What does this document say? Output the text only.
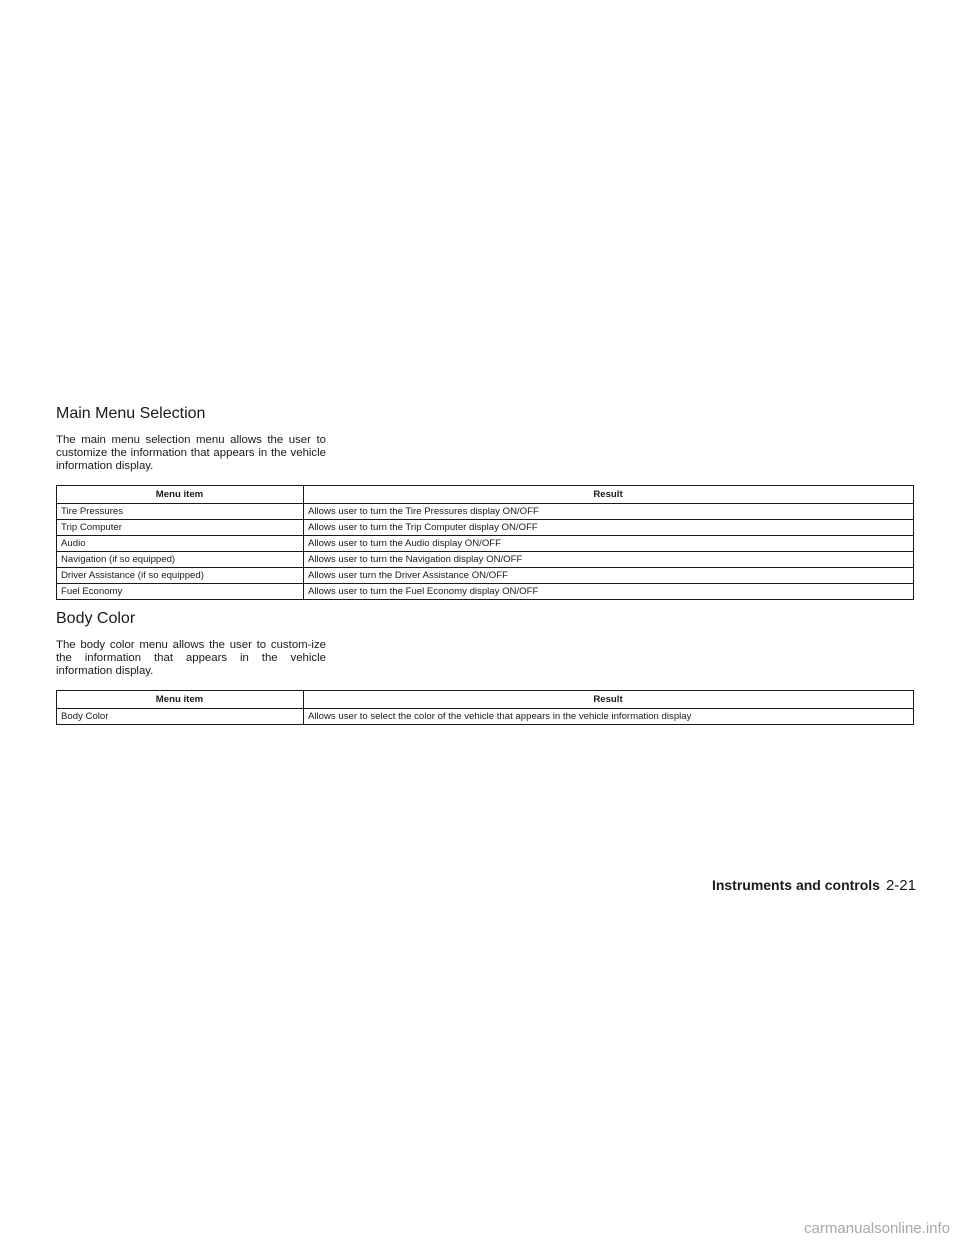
Main Menu Selection

The main menu selection menu allows the user to customize the information that appears in the vehicle information display.

Menu item	Result
Tire Pressures	Allows user to turn the Tire Pressures display ON/OFF
Trip Computer	Allows user to turn the Trip Computer display ON/OFF
Audio	Allows user to turn the Audio display ON/OFF
Navigation (if so equipped)	Allows user to turn the Navigation display ON/OFF
Driver Assistance (if so equipped)	Allows user turn the Driver Assistance ON/OFF
Fuel Economy	Allows user to turn the Fuel Economy display ON/OFF
Body Color

The body color menu allows the user to custom-ize the information that appears in the vehicle information display.

Menu item	Result
Body Color	Allows user to select the color of the vehicle that appears in the vehicle information display
Instruments and controls 2-21
carmanualsonline.info
